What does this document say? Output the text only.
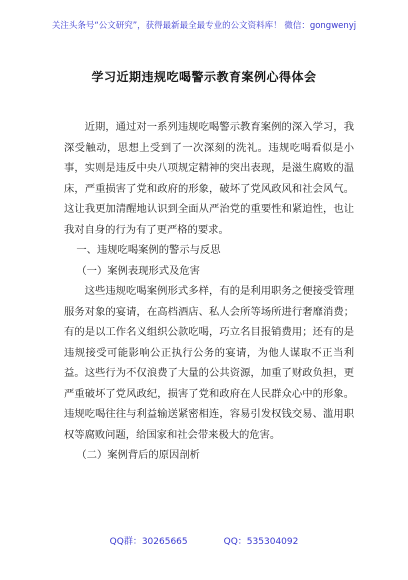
关注头条号“公文研究”，获得最新最全最专业的公文资料库！ 微信：gongwenyj
学习近期违规吃喝警示教育案例心得体会

近期，通过对一系列违规吃喝警示教育案例的深入学习，我深受触动，思想上受到了一次深刻的洗礼。违规吃喝看似是小事，实则是违反中央八项规定精神的突出表现，是滋生腐败的温床，严重损害了党和政府的形象，破坏了党风政风和社会风气。这让我更加清醒地认识到全面从严治党的重要性和紧迫性，也让我对自身的行为有了更严格的要求。

一、违规吃喝案例的警示与反思

（一）案例表现形式及危害

这些违规吃喝案例形式多样，有的是利用职务之便接受管理服务对象的宴请，在高档酒店、私人会所等场所进行奢靡消费；有的是以工作名义组织公款吃喝，巧立名目报销费用；还有的是违规接受可能影响公正执行公务的宴请，为他人谋取不正当利益。这些行为不仅浪费了大量的公共资源，加重了财政负担，更严重破坏了党风政纪，损害了党和政府在人民群众心中的形象。违规吃喝往往与利益输送紧密相连，容易引发权钱交易、滥用职权等腐败问题，给国家和社会带来极大的危害。

（二）案例背后的原因剖析

QQ群：30265665	QQ：535304092
